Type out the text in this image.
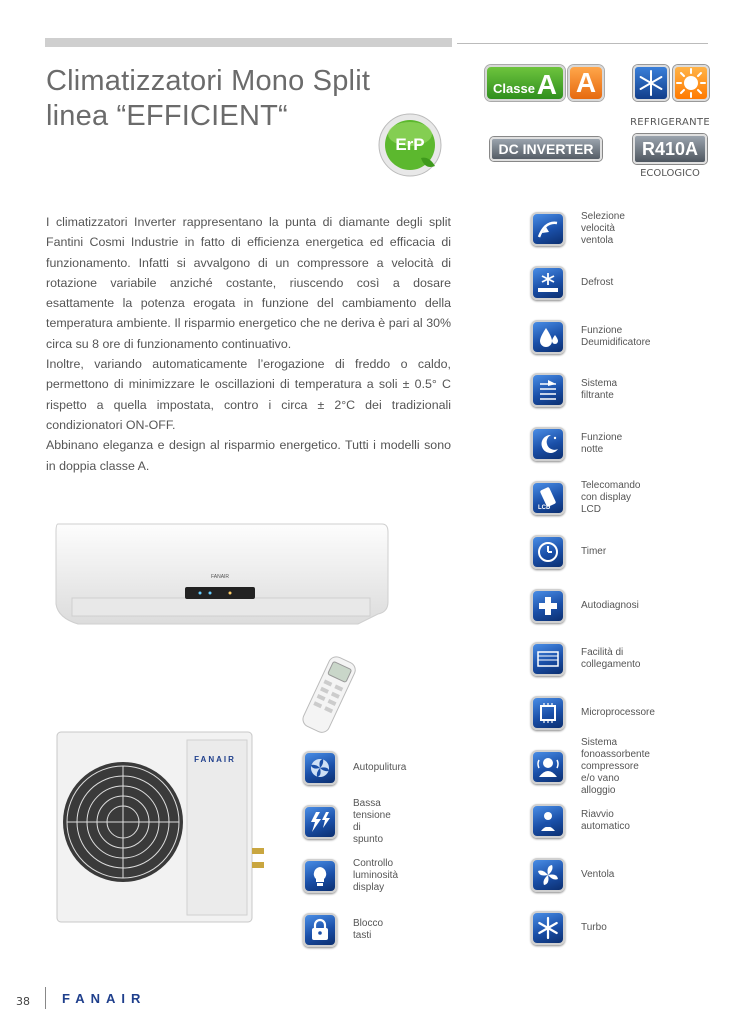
Climatizzatori Mono Split
linea “EFFICIENT“
ErP
Classe A A
DC INVERTER
REFRIGERANTE
R410A
ECOLOGICO

I climatizzatori Inverter rappresentano la punta di diamante degli split Fantini Cosmi Industrie in fatto di efficienza energetica ed efficacia di funzionamento. Infatti si avvalgono di un compressore a velocità di rotazione variabile anziché costante, riuscendo così a dosare esattamente la potenza erogata in funzione del cambiamento della temperatura ambiente. Il risparmio energetico che ne deriva è pari al 30% circa su 8 ore di funzionamento continuativo.

Inoltre, variando automaticamente l’erogazione di freddo o caldo, permettono di minimizzare le oscillazioni di temperatura a soli ± 0.5° C rispetto a quella impostata, contro i circa ± 2°C dei tradizionali condizionatori ON-OFF.

Abbinano eleganza e design al risparmio energetico. Tutti i modelli sono in doppia classe A.

FANAIR
FANAIR
Selezione velocità ventola
Defrost
Funzione Deumidificatore
Sistema filtrante
Funzione notte
LCD
Telecomando con display LCD
Timer
Autodiagnosi
Facilità di collegamento
Microprocessore
Sistema fonoassorbente
compressore e/o vano alloggio
Riavvio automatico
Ventola
Turbo
Autopulitura
Bassa tensione di spunto
Controllo luminosità display
Blocco tasti
38 FANAIR
